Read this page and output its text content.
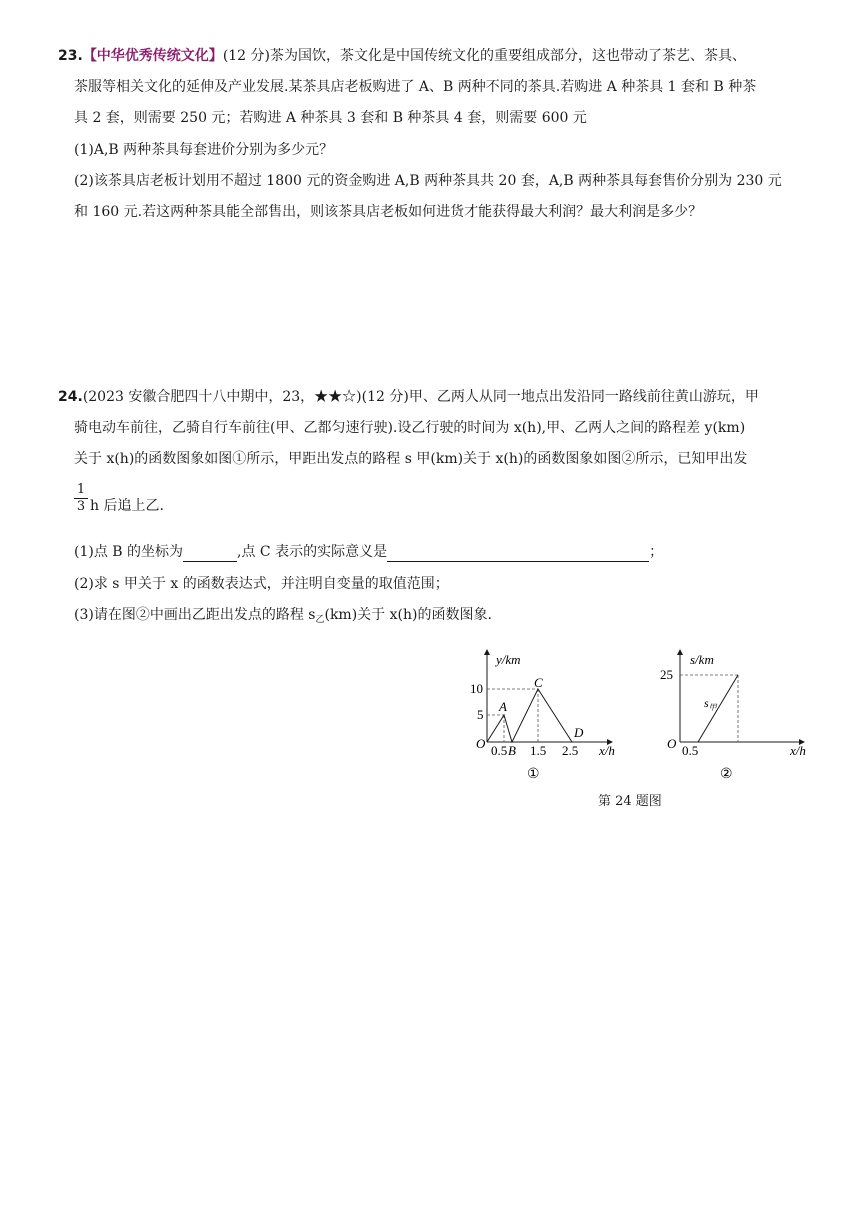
23.【中华优秀传统文化】(12 分)茶为国饮，茶文化是中国传统文化的重要组成部分，这也带动了茶艺、茶具、
茶服等相关文化的延伸及产业发展.某茶具店老板购进了 A、B 两种不同的茶具.若购进 A 种茶具 1 套和 B 种茶
具 2 套，则需要 250 元；若购进 A 种茶具 3 套和 B 种茶具 4 套，则需要 600 元
(1)A,B 两种茶具每套进价分别为多少元？
(2)该茶具店老板计划用不超过 1800 元的资金购进 A,B 两种茶具共 20 套，A,B 两种茶具每套售价分别为 230 元
和 160 元.若这两种茶具能全部售出，则该茶具店老板如何进货才能获得最大利润？最大利润是多少？
24.(2023 安徽合肥四十八中期中，23，★★☆)(12 分)甲、乙两人从同一地点出发沿同一路线前往黄山游玩，甲
骑电动车前往，乙骑自行车前往(甲、乙都匀速行驶).设乙行驶的时间为 x(h),甲、乙两人之间的路程差 y(km)
关于 x(h)的函数图象如图①所示，甲距出发点的路程 s 甲(km)关于 x(h)的函数图象如图②所示，已知甲出发
$\frac{1}{3}$ h 后追上乙.
(1)点 B 的坐标为	,点 C 表示的实际意义是	；
(2)求 s 甲关于 x 的函数表达式，并注明自变量的取值范围；
(3)请在图②中画出乙距出发点的路程 $s_乙(km)$关于 x(h)的函数图象.
y/km
x/h
O
10
5
0.5 B 1.5 2.5
A
C
D
①
s/km
x/h
O
25
0.5
$s_甲$
②
第 24 题图
